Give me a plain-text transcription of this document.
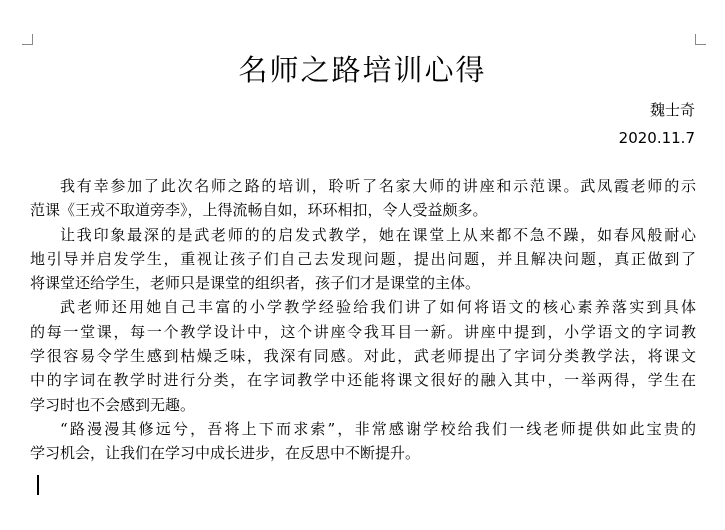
名师之路培训心得
魏士奇
2020.11.7
我有幸参加了此次名师之路的培训，聆听了名家大师的讲座和示范课。武凤霞老师的示
范课《王戎不取道旁李》，上得流畅自如，环环相扣，令人受益颇多。
让我印象最深的是武老师的的启发式教学，她在课堂上从来都不急不躁，如春风般耐心
地引导并启发学生，重视让孩子们自己去发现问题，提出问题，并且解决问题，真正做到了
将课堂还给学生，老师只是课堂的组织者，孩子们才是课堂的主体。
武老师还用她自己丰富的小学教学经验给我们讲了如何将语文的核心素养落实到具体
的每一堂课，每一个教学设计中，这个讲座令我耳目一新。讲座中提到，小学语文的字词教
学很容易令学生感到枯燥乏味，我深有同感。对此，武老师提出了字词分类教学法，将课文
中的字词在教学时进行分类，在字词教学中还能将课文很好的融入其中，一举两得，学生在
学习时也不会感到无趣。
“路漫漫其修远兮，吾将上下而求索”，非常感谢学校给我们一线老师提供如此宝贵的
学习机会，让我们在学习中成长进步，在反思中不断提升。
